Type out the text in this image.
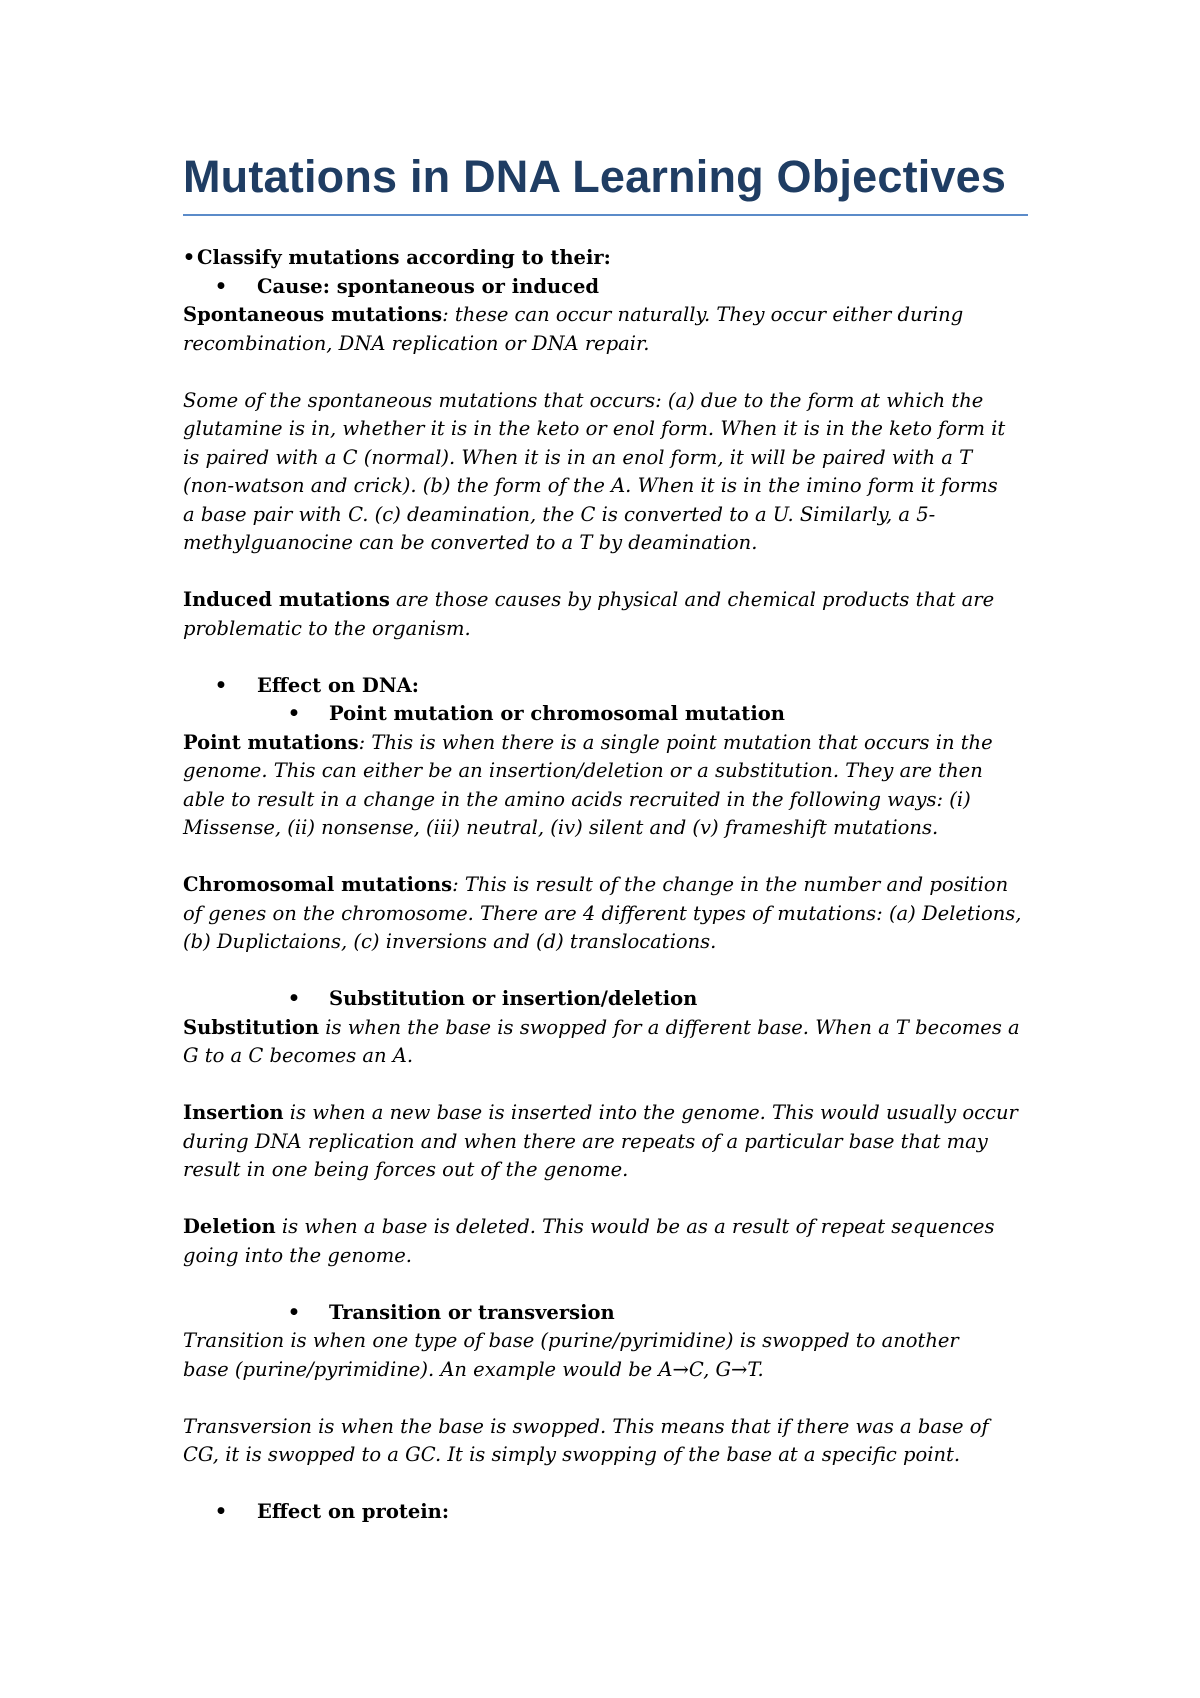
Mutations in DNA Learning Objectives

• Classify mutations according to their:

• Cause: spontaneous or induced

Spontaneous mutations: these can occur naturally. They occur either during

recombination, DNA replication or DNA repair.

Some of the spontaneous mutations that occurs: (a) due to the form at which the

glutamine is in, whether it is in the keto or enol form. When it is in the keto form it

is paired with a C (normal). When it is in an enol form, it will be paired with a T

(non-watson and crick). (b) the form of the A. When it is in the imino form it forms

a base pair with C. (c) deamination, the C is converted to a U. Similarly, a 5-

methylguanocine can be converted to a T by deamination.

Induced mutations are those causes by physical and chemical products that are

problematic to the organism.

• Effect on DNA:

• Point mutation or chromosomal mutation

Point mutations: This is when there is a single point mutation that occurs in the

genome. This can either be an insertion/deletion or a substitution. They are then

able to result in a change in the amino acids recruited in the following ways: (i)

Missense, (ii) nonsense, (iii) neutral, (iv) silent and (v) frameshift mutations.

Chromosomal mutations: This is result of the change in the number and position

of genes on the chromosome. There are 4 different types of mutations: (a) Deletions,

(b) Duplictaions, (c) inversions and (d) translocations.

• Substitution or insertion/deletion

Substitution is when the base is swopped for a different base. When a T becomes a

G to a C becomes an A.

Insertion is when a new base is inserted into the genome. This would usually occur

during DNA replication and when there are repeats of a particular base that may

result in one being forces out of the genome.

Deletion is when a base is deleted. This would be as a result of repeat sequences

going into the genome.

• Transition or transversion

Transition is when one type of base (purine/pyrimidine) is swopped to another

base (purine/pyrimidine). An example would be A→C, G→T.

Transversion is when the base is swopped. This means that if there was a base of

CG, it is swopped to a GC. It is simply swopping of the base at a specific point.

• Effect on protein:
